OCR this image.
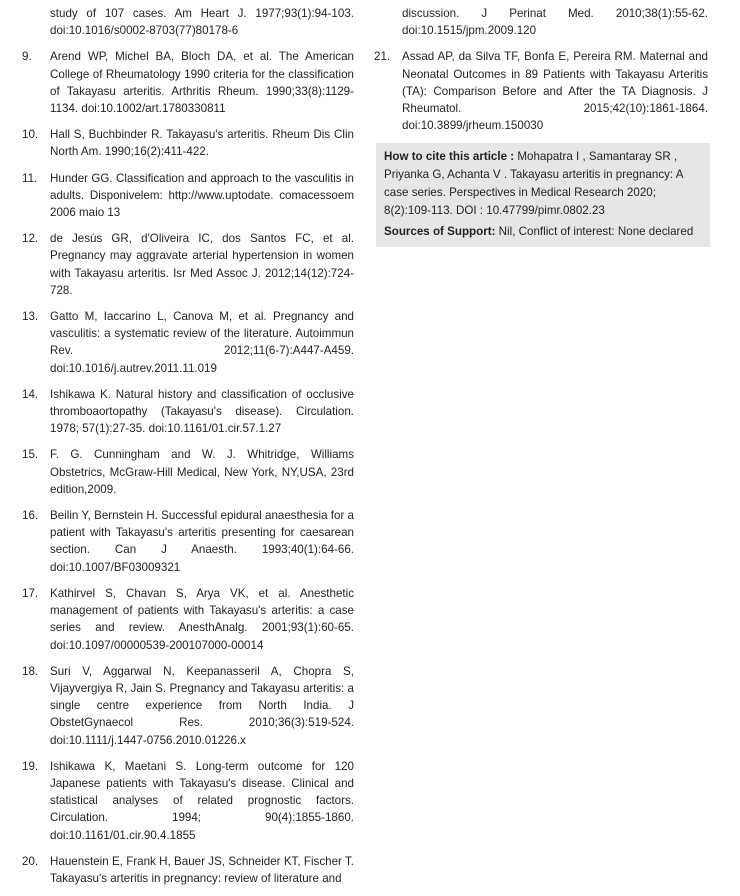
study of 107 cases. Am Heart J. 1977;93(1):94-103. doi:10.1016/s0002-8703(77)80178-6
9.	Arend WP, Michel BA, Bloch DA, et al. The American College of Rheumatology 1990 criteria for the classification of Takayasu arteritis. Arthritis Rheum. 1990;33(8):1129-1134. doi:10.1002/art.1780330811
10.	Hall S, Buchbinder R. Takayasu's arteritis. Rheum Dis Clin North Am. 1990;16(2):411-422.
11.	Hunder GG. Classification and approach to the vasculitis in adults. Disponivelem: http://www.uptodate. comacessoem 2006 maio 13
12.	de Jesús GR, d'Oliveira IC, dos Santos FC, et al. Pregnancy may aggravate arterial hypertension in women with Takayasu arteritis. Isr Med Assoc J. 2012;14(12):724-728.
13.	Gatto M, Iaccarino L, Canova M, et al. Pregnancy and vasculitis: a systematic review of the literature. Autoimmun Rev. 2012;11(6-7):A447-A459. doi:10.1016/j.autrev.2011.11.019
14.	Ishikawa K. Natural history and classification of occlusive thromboaortopathy (Takayasu's disease). Circulation. 1978; 57(1):27-35. doi:10.1161/01.cir.57.1.27
15.	F. G. Cunningham and W. J. Whitridge, Williams Obstetrics, McGraw-Hill Medical, New York, NY,USA, 23rd edition,2009.
16.	Beilin Y, Bernstein H. Successful epidural anaesthesia for a patient with Takayasu's arteritis presenting for caesarean section. Can J Anaesth. 1993;40(1):64-66. doi:10.1007/BF03009321
17.	Kathirvel S, Chavan S, Arya VK, et al. Anesthetic management of patients with Takayasu's arteritis: a case series and review. AnesthAnalg. 2001;93(1):60-65. doi:10.1097/00000539-200107000-00014
18.	Suri V, Aggarwal N, Keepanasseril A, Chopra S, Vijayvergiya R, Jain S. Pregnancy and Takayasu arteritis: a single centre experience from North India. J ObstetGynaecol Res. 2010;36(3):519-524. doi:10.1111/j.1447-0756.2010.01226.x
19.	Ishikawa K, Maetani S. Long-term outcome for 120 Japanese patients with Takayasu's disease. Clinical and statistical analyses of related prognostic factors. Circulation. 1994; 90(4):1855-1860. doi:10.1161/01.cir.90.4.1855
20.	Hauenstein E, Frank H, Bauer JS, Schneider KT, Fischer T. Takayasu's arteritis in pregnancy: review of literature and
discussion. J Perinat Med. 2010;38(1):55-62. doi:10.1515/jpm.2009.120
21.	Assad AP, da Silva TF, Bonfa E, Pereira RM. Maternal and Neonatal Outcomes in 89 Patients with Takayasu Arteritis (TA): Comparison Before and After the TA Diagnosis. J Rheumatol. 2015;42(10):1861-1864. doi:10.3899/jrheum.150030
How to cite this article : Mohapatra I , Samantaray SR , Priyanka G, Achanta V . Takayasu arteritis in pregnancy: A case series. Perspectives in Medical Research 2020; 8(2):109-113. DOI : 10.47799/pimr.0802.23
Sources of Support: Nil, Conflict of interest: None declared
